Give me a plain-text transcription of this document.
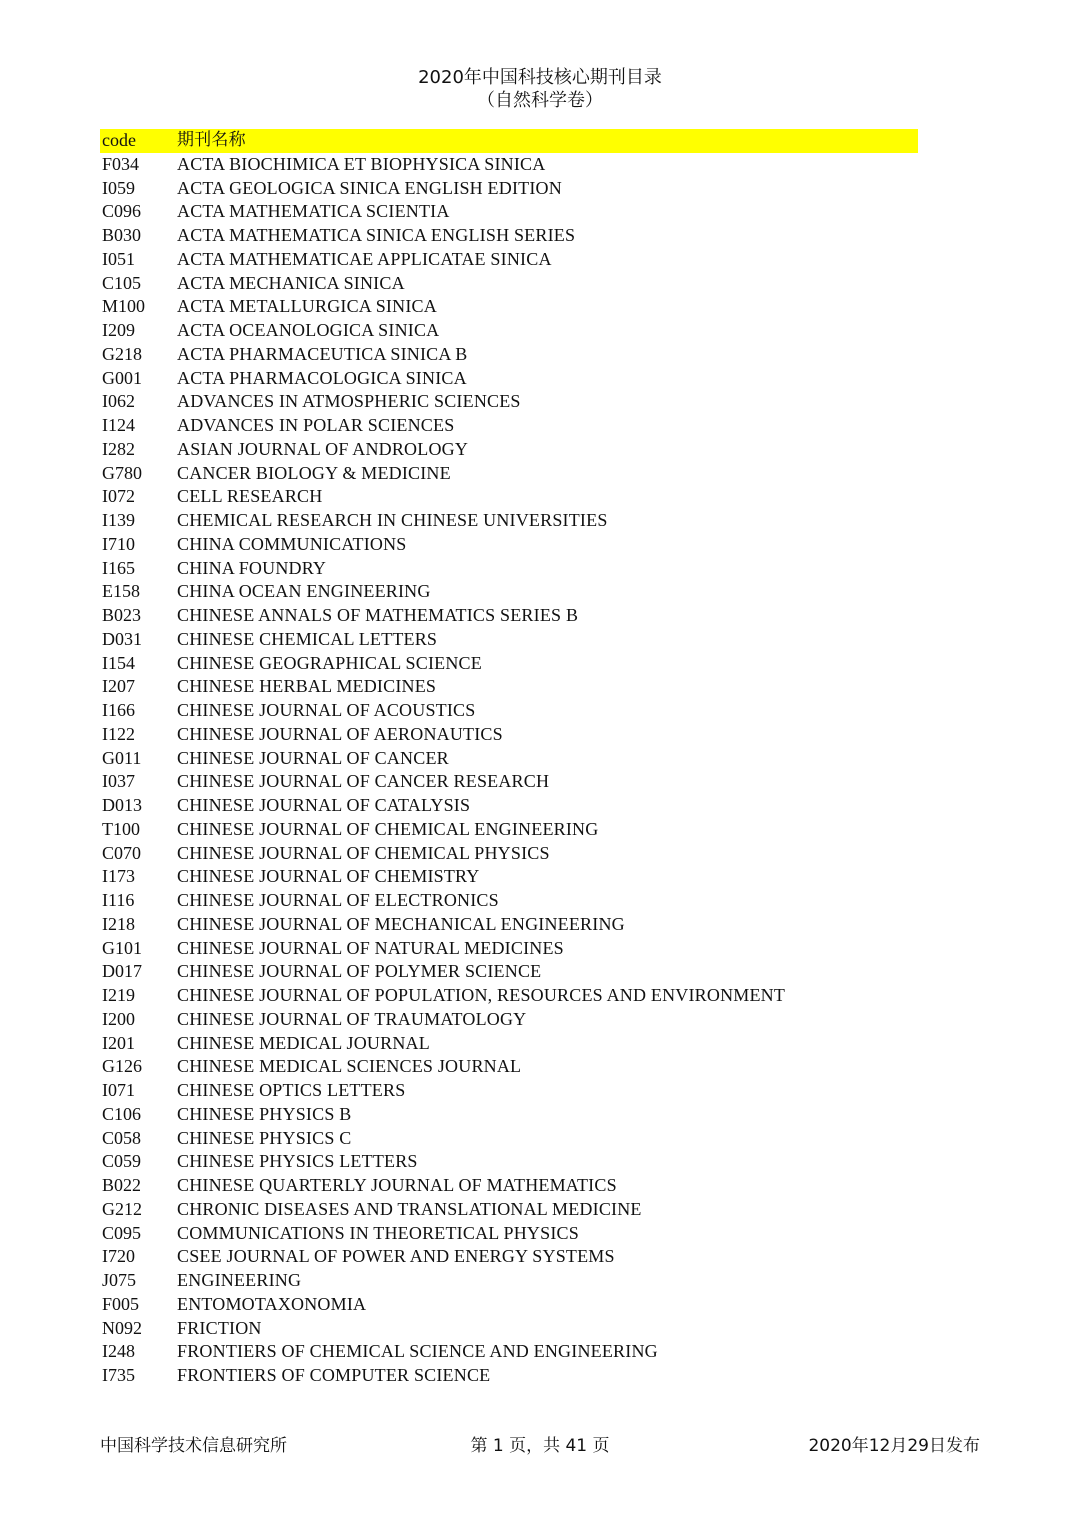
2020年中国科技核心期刊目录
（自然科学卷）
code 期刊名称
F034 ACTA BIOCHIMICA ET BIOPHYSICA SINICA
I059 ACTA GEOLOGICA SINICA ENGLISH EDITION
C096 ACTA MATHEMATICA SCIENTIA
B030 ACTA MATHEMATICA SINICA ENGLISH SERIES
I051 ACTA MATHEMATICAE APPLICATAE SINICA
C105 ACTA MECHANICA SINICA
M100 ACTA METALLURGICA SINICA
I209 ACTA OCEANOLOGICA SINICA
G218 ACTA PHARMACEUTICA SINICA B
G001 ACTA PHARMACOLOGICA SINICA
I062 ADVANCES IN ATMOSPHERIC SCIENCES
I124 ADVANCES IN POLAR SCIENCES
I282 ASIAN JOURNAL OF ANDROLOGY
G780 CANCER BIOLOGY & MEDICINE
I072 CELL RESEARCH
I139 CHEMICAL RESEARCH IN CHINESE UNIVERSITIES
I710 CHINA COMMUNICATIONS
I165 CHINA FOUNDRY
E158 CHINA OCEAN ENGINEERING
B023 CHINESE ANNALS OF MATHEMATICS SERIES B
D031 CHINESE CHEMICAL LETTERS
I154 CHINESE GEOGRAPHICAL SCIENCE
I207 CHINESE HERBAL MEDICINES
I166 CHINESE JOURNAL OF ACOUSTICS
I122 CHINESE JOURNAL OF AERONAUTICS
G011 CHINESE JOURNAL OF CANCER
I037 CHINESE JOURNAL OF CANCER RESEARCH
D013 CHINESE JOURNAL OF CATALYSIS
T100 CHINESE JOURNAL OF CHEMICAL ENGINEERING
C070 CHINESE JOURNAL OF CHEMICAL PHYSICS
I173 CHINESE JOURNAL OF CHEMISTRY
I116 CHINESE JOURNAL OF ELECTRONICS
I218 CHINESE JOURNAL OF MECHANICAL ENGINEERING
G101 CHINESE JOURNAL OF NATURAL MEDICINES
D017 CHINESE JOURNAL OF POLYMER SCIENCE
I219 CHINESE JOURNAL OF POPULATION, RESOURCES AND ENVIRONMENT
I200 CHINESE JOURNAL OF TRAUMATOLOGY
I201 CHINESE MEDICAL JOURNAL
G126 CHINESE MEDICAL SCIENCES JOURNAL
I071 CHINESE OPTICS LETTERS
C106 CHINESE PHYSICS B
C058 CHINESE PHYSICS C
C059 CHINESE PHYSICS LETTERS
B022 CHINESE QUARTERLY JOURNAL OF MATHEMATICS
G212 CHRONIC DISEASES AND TRANSLATIONAL MEDICINE
C095 COMMUNICATIONS IN THEORETICAL PHYSICS
I720 CSEE JOURNAL OF POWER AND ENERGY SYSTEMS
J075 ENGINEERING
F005 ENTOMOTAXONOMIA
N092 FRICTION
I248 FRONTIERS OF CHEMICAL SCIENCE AND ENGINEERING
I735 FRONTIERS OF COMPUTER SCIENCE
中国科学技术信息研究所	第 1 页，共 41 页	2020年12月29日发布
